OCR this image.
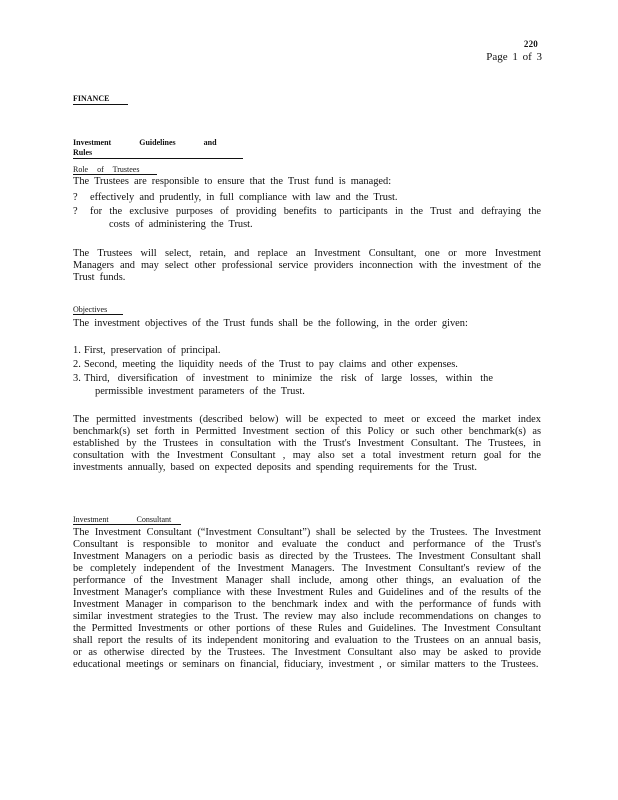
220
Page 1 of 3
FINANCE
Investment Guidelines and Rules
Role of Trustees
The Trustees are responsible to ensure that the Trust fund is managed:
?	effectively and prudently, in full compliance with law and the Trust.
?	for the exclusive purposes of providing benefits to participants in the Trust and defraying the
costs of administering the Trust.
The Trustees will select, retain, and replace an Investment Consultant, one or more Investment Managers and may select other professional service providers inconnection with the investment of the Trust funds.
Objectives
The investment objectives of the Trust funds shall be the following, in the order given:
1. First, preservation of principal.
2. Second, meeting the liquidity needs of the Trust to pay claims and other expenses.
3. Third, diversification of investment to minimize the risk of large losses, within the
permissible investment parameters of the Trust.
The permitted investments (described below) will be expected to meet or exceed the market index benchmark(s) set forth in Permitted Investment section of this Policy or such other benchmark(s) as established by the Trustees in consultation with the Trust's Investment Consultant. The Trustees, in consultation with the Investment Consultant , may also set a total investment return goal for the investments annually, based on expected deposits and spending requirements for the Trust.
Investment Consultant
The Investment Consultant (“Investment Consultant”) shall be selected by the Trustees. The Investment Consultant is responsible to monitor and evaluate the conduct and performance of the Trust's Investment Managers on a periodic basis as directed by the Trustees. The Investment Consultant shall be completely independent of the Investment Managers. The Investment Consultant's review of the performance of the Investment Manager shall include, among other things, an evaluation of the Investment Manager's compliance with these Investment Rules and Guidelines and of the results of the Investment Manager in comparison to the benchmark index and with the performance of funds with similar investment strategies to the Trust. The review may also include recommendations on changes to the Permitted Investments or other portions of these Rules and Guidelines. The Investment Consultant shall report the results of its independent monitoring and evaluation to the Trustees on an annual basis, or as otherwise directed by the Trustees. The Investment Consultant also may be asked to provide educational meetings or seminars on financial, fiduciary, investment , or similar matters to the Trustees.
